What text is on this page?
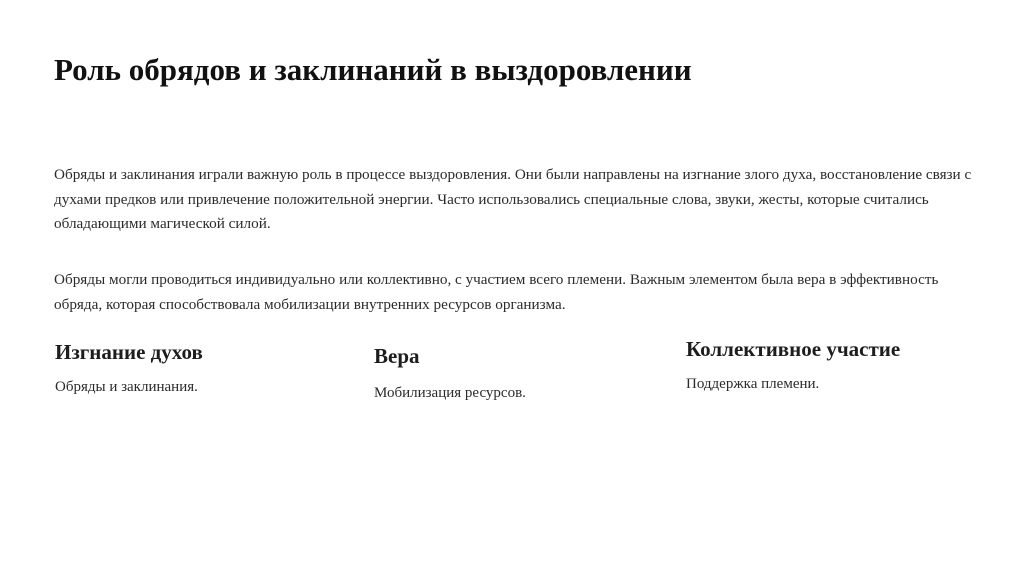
Роль обрядов и заклинаний в выздоровлении

Обряды и заклинания играли важную роль в процессе выздоровления. Они были направлены на изгнание злого духа, восстановление связи с духами предков или привлечение положительной энергии. Часто использовались специальные слова, звуки, жесты, которые считались обладающими магической силой.

Обряды могли проводиться индивидуально или коллективно, с участием всего племени. Важным элементом была вера в эффективность обряда, которая способствовала мобилизации внутренних ресурсов организма.

Изгнание духов

Обряды и заклинания.

Вера

Мобилизация ресурсов.

Коллективное участие

Поддержка племени.
